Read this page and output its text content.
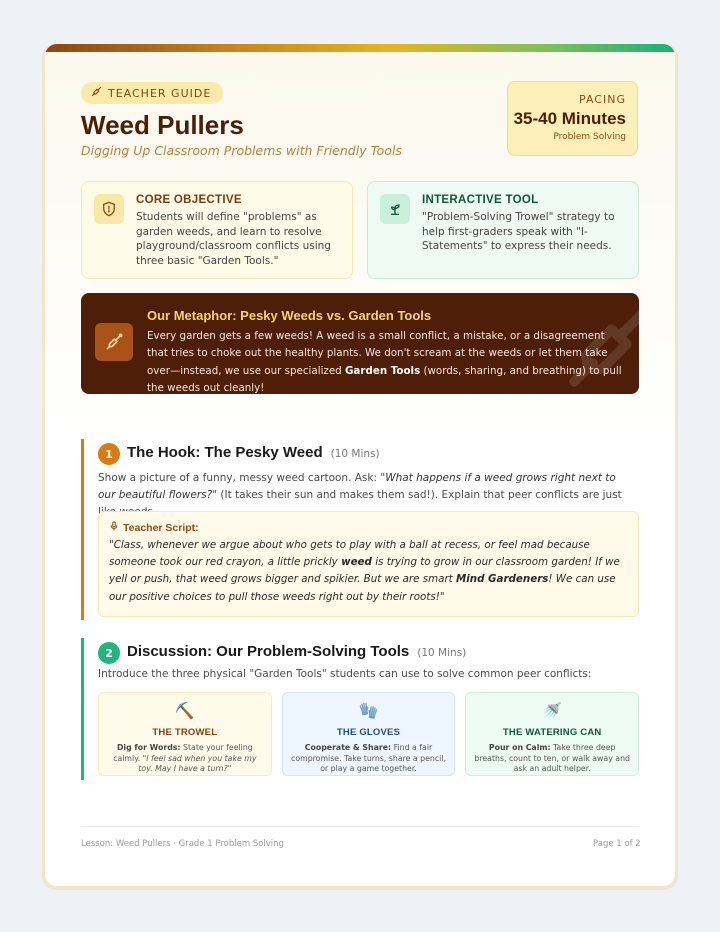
TEACHER GUIDE
Weed Pullers
Digging Up Classroom Problems with Friendly Tools
PACING
35-40 Minutes
Problem Solving
CORE OBJECTIVE
Students will define "problems" as garden weeds, and learn to resolve playground/classroom conflicts using three basic "Garden Tools."
INTERACTIVE TOOL
"Problem-Solving Trowel" strategy to help first-graders speak with "I-Statements" to express their needs.
Our Metaphor: Pesky Weeds vs. Garden Tools
Every garden gets a few weeds! A weed is a small conflict, a mistake, or a disagreement that tries to choke out the healthy plants. We don't scream at the weeds or let them take over—instead, we use our specialized Garden Tools (words, sharing, and breathing) to pull the weeds out cleanly!
1 The Hook: The Pesky Weed (10 Mins)
Show a picture of a funny, messy weed cartoon. Ask: "What happens if a weed grows right next to our beautiful flowers?" (It takes their sun and makes them sad!). Explain that peer conflicts are just
Teacher Script:
"Class, whenever we argue about who gets to play with a ball at recess, or feel mad because someone took our red crayon, a little prickly weed is trying to grow in our classroom garden! If we yell or push, that weed grows bigger and spikier. But we are smart Mind Gardeners! We can use our positive choices to pull those weeds right out by their roots!"
2 Discussion: Our Problem-Solving Tools (10 Mins)
Introduce the three physical "Garden Tools" students can use to solve common peer conflicts:
⛏️
THE TROWEL
Dig for Words: State your feeling calmly. "I feel sad when you take my toy. May I have a turn?"
🧤
THE GLOVES
Cooperate & Share: Find a fair compromise. Take turns, share a pencil, or play a game together.
🚿
THE WATERING CAN
Pour on Calm: Take three deep breaths, count to ten, or walk away and ask an adult helper.
Lesson: Weed Pullers · Grade 1 Problem Solving	Page 1 of 2
